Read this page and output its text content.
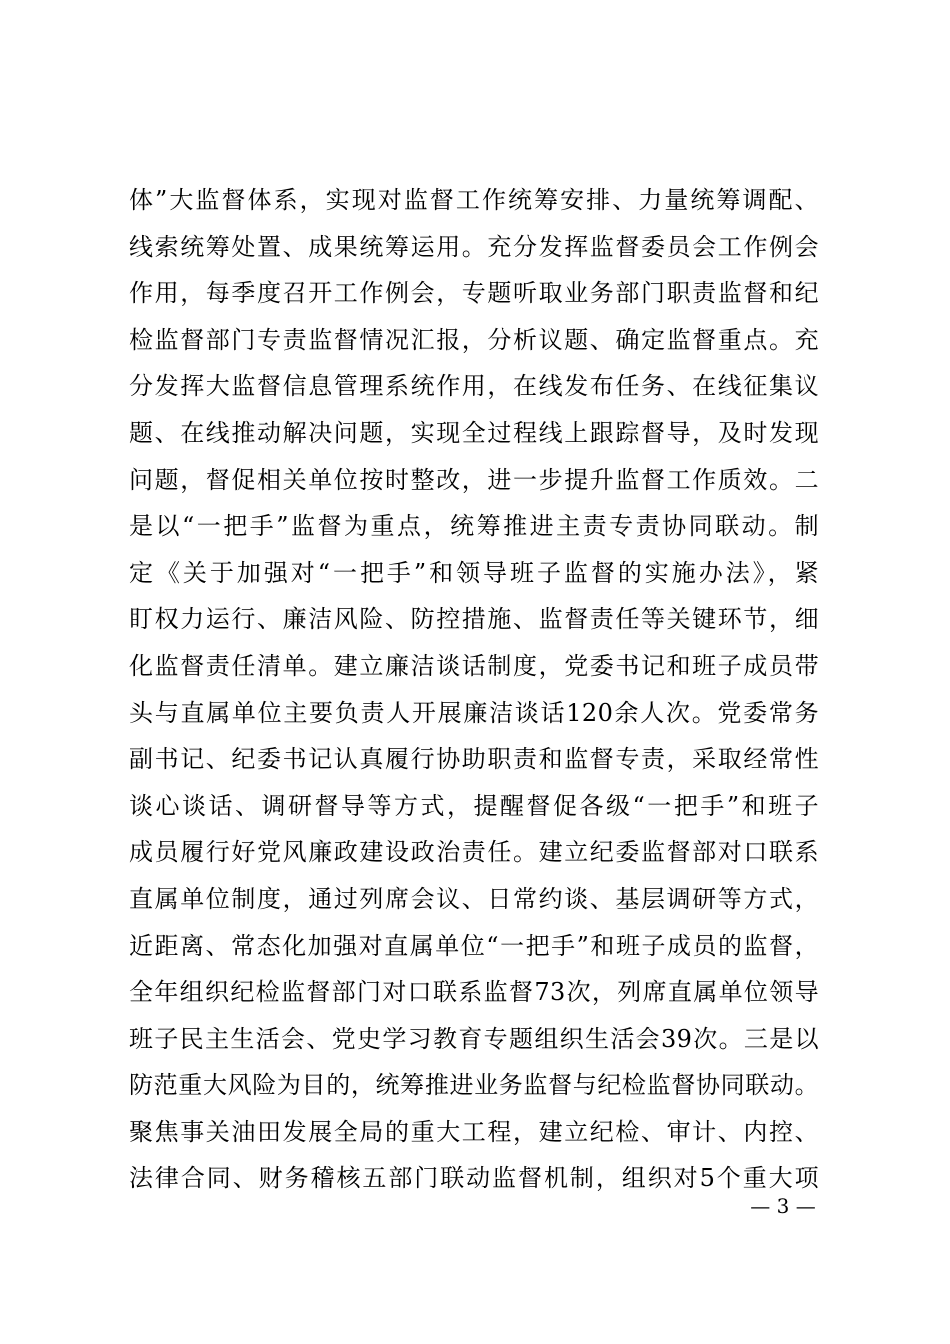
体”大监督体系，实现对监督工作统筹安排、力量统筹调配、
线索统筹处置、成果统筹运用。充分发挥监督委员会工作例会
作用，每季度召开工作例会，专题听取业务部门职责监督和纪
检监督部门专责监督情况汇报，分析议题、确定监督重点。充
分发挥大监督信息管理系统作用，在线发布任务、在线征集议
题、在线推动解决问题，实现全过程线上跟踪督导，及时发现
问题，督促相关单位按时整改，进一步提升监督工作质效。二
是以“一把手”监督为重点，统筹推进主责专责协同联动。制
定《关于加强对“一把手”和领导班子监督的实施办法》，紧
盯权力运行、廉洁风险、防控措施、监督责任等关键环节，细
化监督责任清单。建立廉洁谈话制度，党委书记和班子成员带
头与直属单位主要负责人开展廉洁谈话120余人次。党委常务
副书记、纪委书记认真履行协助职责和监督专责，采取经常性
谈心谈话、调研督导等方式，提醒督促各级“一把手”和班子
成员履行好党风廉政建设政治责任。建立纪委监督部对口联系
直属单位制度，通过列席会议、日常约谈、基层调研等方式，
近距离、常态化加强对直属单位“一把手”和班子成员的监督，
全年组织纪检监督部门对口联系监督73次，列席直属单位领导
班子民主生活会、党史学习教育专题组织生活会39次。三是以
防范重大风险为目的，统筹推进业务监督与纪检监督协同联动。
聚焦事关油田发展全局的重大工程，建立纪检、审计、内控、
法律合同、财务稽核五部门联动监督机制，组织对5个重大项
— 3 —
